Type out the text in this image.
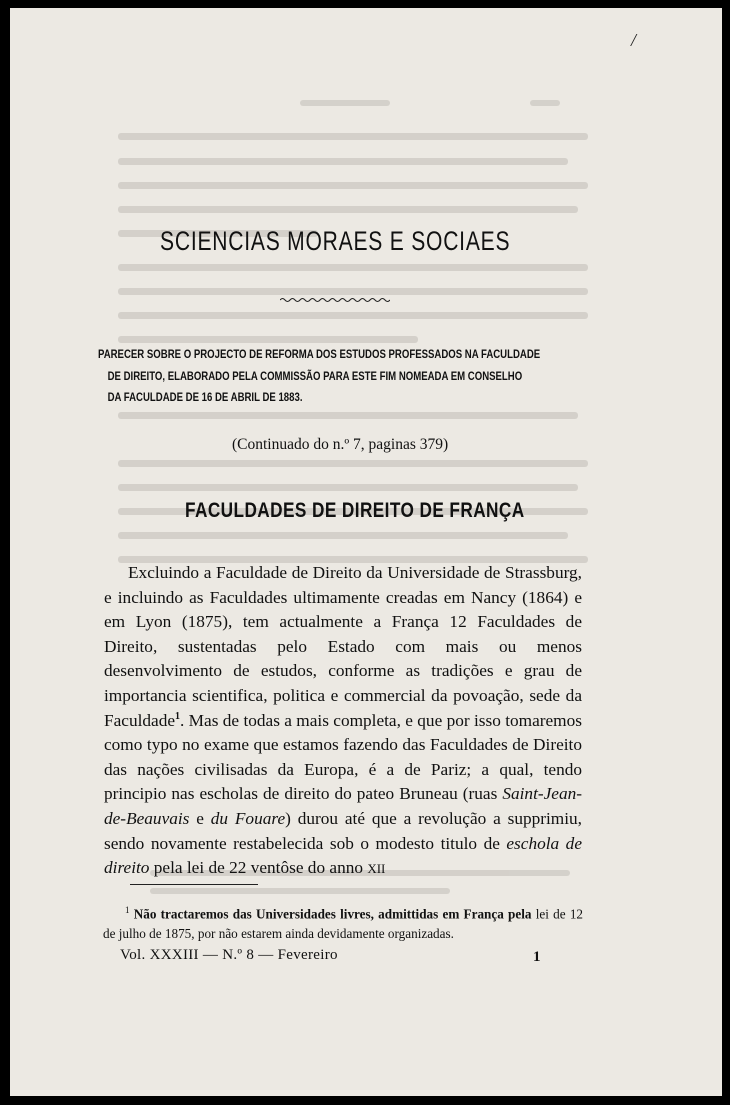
/
SCIENCIAS MORAES E SOCIAES
PARECER SOBRE O PROJECTO DE REFORMA DOS ESTUDOS PROFESSADOS NA FACULDADE
DE DIREITO, ELABORADO PELA COMMISSÃO PARA ESTE FIM NOMEADA EM CONSELHO
DA FACULDADE DE 16 DE ABRIL DE 1883.
(Continuado do n.º 7, paginas 379)
FACULDADES DE DIREITO DE FRANÇA

Excluindo a Faculdade de Direito da Universidade de Strassburg, e incluindo as Faculdades ultimamente creadas em Nancy (1864) e em Lyon (1875), tem actualmente a França 12 Faculdades de Direito, sustentadas pelo Estado com mais ou menos desenvolvimento de estudos, conforme as tradições e grau de importancia scientifica, politica e commercial da povoação, sede da Faculdade$^1$. Mas de todas a mais completa, e que por isso tomaremos como typo no exame que estamos fazendo das Faculdades de Direito das nações civilisadas da Europa, é a de Pariz; a qual, tendo principio nas escholas de direito do pateo Bruneau (ruas Saint-Jean-de-Beauvais e du Fouare) durou até que a revolução a supprimiu, sendo novamente restabelecida sob o modesto titulo de eschola de direito pela lei de 22 ventôse do anno XII

$^1$ Não tractaremos das Universidades livres, admittidas em França pela lei de 12 de julho de 1875, por não estarem ainda devidamente organizadas.
Vol. XXXIII — N.º 8 — Fevereiro	1
